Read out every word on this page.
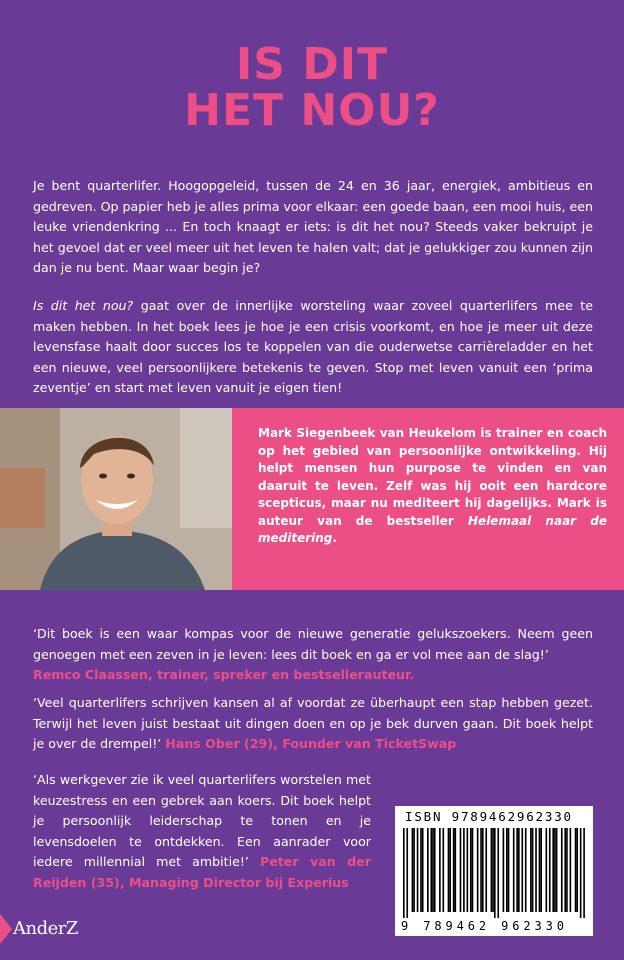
IS DIT
HET NOU?
Je bent quarterlifer. Hoogopgeleid, tussen de 24 en 36 jaar, energiek, ambitieus en gedreven. Op papier heb je alles prima voor elkaar: een goede baan, een mooi huis, een leuke vriendenkring ... En toch knaagt er iets: is dit het nou? Steeds vaker bekruipt je het gevoel dat er veel meer uit het leven te halen valt; dat je gelukkiger zou kunnen zijn dan je nu bent. Maar waar begin je?
Is dit het nou? gaat over de innerlijke worsteling waar zoveel quarterlifers mee te maken hebben. In het boek lees je hoe je een crisis voorkomt, en hoe je meer uit deze levensfase haalt door succes los te koppelen van die ouderwetse carrièreladder en het een nieuwe, veel persoonlijkere betekenis te geven. Stop met leven vanuit een ‘prima zeventje’ en start met leven vanuit je eigen tien!
Mark Siegenbeek van Heukelom is trainer en coach op het gebied van persoonlijke ontwikkeling. Hij helpt mensen hun purpose te vinden en van daaruit te leven. Zelf was hij ooit een hardcore scepticus, maar nu mediteert hij dagelijks. Mark is auteur van de bestseller Helemaal naar de meditering.
‘Dit boek is een waar kompas voor de nieuwe generatie gelukszoekers. Neem geen genoegen met een zeven in je leven: lees dit boek en ga er vol mee aan de slag!’
Remco Claassen, trainer, spreker en bestsellerauteur.
‘Veel quarterlifers schrijven kansen al af voordat ze überhaupt een stap hebben gezet. Terwijl het leven juist bestaat uit dingen doen en op je bek durven gaan. Dit boek helpt je over de drempel!’ Hans Ober (29), Founder van TicketSwap
‘Als werkgever zie ik veel quarterlifers worstelen met keuzestress en een gebrek aan koers. Dit boek helpt je persoonlijk leiderschap te tonen en je levensdoelen te ontdekken. Een aanrader voor iedere millennial met ambitie!’ Peter van der Reijden (35), Managing Director bij Experius
ISBN 9789462962330
9 789462 962330
AnderZ
